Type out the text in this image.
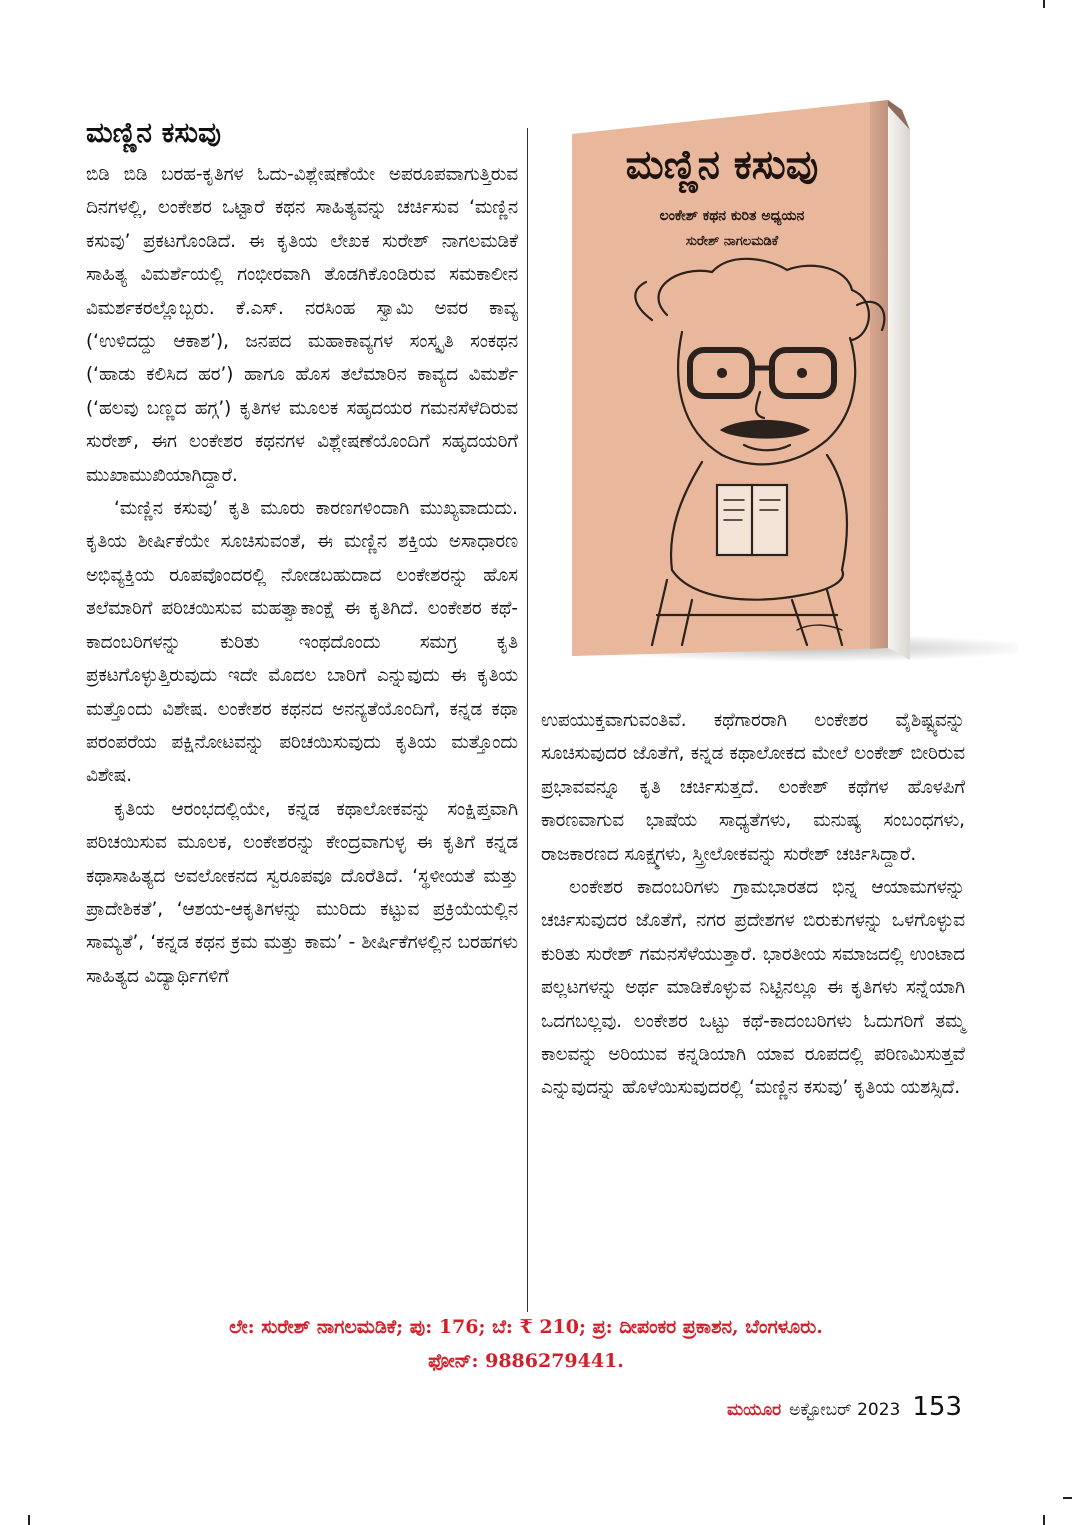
ಮಣ್ಣಿನ ಕಸುವು

ಬಿಡಿ ಬಿಡಿ ಬರಹ-ಕೃತಿಗಳ ಓದು-ವಿಶ್ಲೇಷಣೆಯೇ ಅಪರೂಪವಾಗುತ್ತಿರುವ ದಿನಗಳಲ್ಲಿ, ಲಂಕೇಶರ ಒಟ್ಟಾರೆ ಕಥನ ಸಾಹಿತ್ಯವನ್ನು ಚರ್ಚಿಸುವ ‘ಮಣ್ಣಿನ ಕಸುವು’ ಪ್ರಕಟಗೊಂಡಿದೆ. ಈ ಕೃತಿಯ ಲೇಖಕ ಸುರೇಶ್ ನಾಗಲಮಡಿಕೆ ಸಾಹಿತ್ಯ ವಿಮರ್ಶೆಯಲ್ಲಿ ಗಂಭೀರವಾಗಿ ತೊಡಗಿಕೊಂಡಿರುವ ಸಮಕಾಲೀನ ವಿಮರ್ಶಕರಲ್ಲೊಬ್ಬರು. ಕೆ.ಎಸ್. ನರಸಿಂಹ ಸ್ವಾಮಿ ಅವರ ಕಾವ್ಯ (‘ಉಳಿದದ್ದು ಆಕಾಶ’), ಜನಪದ ಮಹಾಕಾವ್ಯಗಳ ಸಂಸ್ಕೃತಿ ಸಂಕಥನ (‘ಹಾಡು ಕಲಿಸಿದ ಹರ’) ಹಾಗೂ ಹೊಸ ತಲೆಮಾರಿನ ಕಾವ್ಯದ ವಿಮರ್ಶೆ (‘ಹಲವು ಬಣ್ಣದ ಹಗ್ಗ’) ಕೃತಿಗಳ ಮೂಲಕ ಸಹೃದಯರ ಗಮನಸೆಳೆದಿರುವ ಸುರೇಶ್, ಈಗ ಲಂಕೇಶರ ಕಥನಗಳ ವಿಶ್ಲೇಷಣೆಯೊಂದಿಗೆ ಸಹೃದಯರಿಗೆ ಮುಖಾಮುಖಿಯಾಗಿದ್ದಾರೆ.

‘ಮಣ್ಣಿನ ಕಸುವು’ ಕೃತಿ ಮೂರು ಕಾರಣಗಳಿಂದಾಗಿ ಮುಖ್ಯವಾದುದು. ಕೃತಿಯ ಶೀರ್ಷಿಕೆಯೇ ಸೂಚಿಸುವಂತೆ, ಈ ಮಣ್ಣಿನ ಶಕ್ತಿಯ ಅಸಾಧಾರಣ ಅಭಿವ್ಯಕ್ತಿಯ ರೂಪವೊಂದರಲ್ಲಿ ನೋಡಬಹುದಾದ ಲಂಕೇಶರನ್ನು ಹೊಸ ತಲೆಮಾರಿಗೆ ಪರಿಚಯಿಸುವ ಮಹತ್ವಾಕಾಂಕ್ಷೆ ಈ ಕೃತಿಗಿದೆ. ಲಂಕೇಶರ ಕಥೆ-ಕಾದಂಬರಿಗಳನ್ನು ಕುರಿತು ಇಂಥದೊಂದು ಸಮಗ್ರ ಕೃತಿ ಪ್ರಕಟಗೊಳ್ಳುತ್ತಿರುವುದು ಇದೇ ಮೊದಲ ಬಾರಿಗೆ ಎನ್ನುವುದು ಈ ಕೃತಿಯ ಮತ್ತೊಂದು ವಿಶೇಷ. ಲಂಕೇಶರ ಕಥನದ ಅನನ್ಯತೆಯೊಂದಿಗೆ, ಕನ್ನಡ ಕಥಾ ಪರಂಪರೆಯ ಪಕ್ಷಿನೋಟವನ್ನು ಪರಿಚಯಿಸುವುದು ಕೃತಿಯ ಮತ್ತೊಂದು ವಿಶೇಷ.

ಕೃತಿಯ ಆರಂಭದಲ್ಲಿಯೇ, ಕನ್ನಡ ಕಥಾಲೋಕವನ್ನು ಸಂಕ್ಷಿಪ್ತವಾಗಿ ಪರಿಚಯಿಸುವ ಮೂಲಕ, ಲಂಕೇಶರನ್ನು ಕೇಂದ್ರವಾಗುಳ್ಳ ಈ ಕೃತಿಗೆ ಕನ್ನಡ ಕಥಾಸಾಹಿತ್ಯದ ಅವಲೋಕನದ ಸ್ವರೂಪವೂ ದೊರೆತಿದೆ. ‘ಸ್ಥಳೀಯತೆ ಮತ್ತು ಪ್ರಾದೇಶಿಕತೆ’, ‘ಆಶಯ-ಆಕೃತಿಗಳನ್ನು ಮುರಿದು ಕಟ್ಟುವ ಪ್ರಕ್ರಿಯೆಯಲ್ಲಿನ ಸಾಮ್ಯತೆ’, ‘ಕನ್ನಡ ಕಥನ ಕ್ರಮ ಮತ್ತು ಕಾಮ’ - ಶೀರ್ಷಿಕೆಗಳಲ್ಲಿನ ಬರಹಗಳು ಸಾಹಿತ್ಯದ ವಿದ್ಯಾರ್ಥಿಗಳಿಗೆ

ಮಣ್ಣಿನ ಕಸುವು
ಲಂಕೇಶ್ ಕಥನ ಕುರಿತ ಅಧ್ಯಯನ
ಸುರೇಶ್ ನಾಗಲಮಡಿಕೆ

ಉಪಯುಕ್ತವಾಗುವಂತಿವೆ. ಕಥೆಗಾರರಾಗಿ ಲಂಕೇಶರ ವೈಶಿಷ್ಟ್ಯವನ್ನು ಸೂಚಿಸುವುದರ ಜೊತೆಗೆ, ಕನ್ನಡ ಕಥಾಲೋಕದ ಮೇಲೆ ಲಂಕೇಶ್ ಬೀರಿರುವ ಪ್ರಭಾವವನ್ನೂ ಕೃತಿ ಚರ್ಚಿಸುತ್ತದೆ. ಲಂಕೇಶ್ ಕಥೆಗಳ ಹೊಳಪಿಗೆ ಕಾರಣವಾಗುವ ಭಾಷೆಯ ಸಾಧ್ಯತೆಗಳು, ಮನುಷ್ಯ ಸಂಬಂಧಗಳು, ರಾಜಕಾರಣದ ಸೂಕ್ಷ್ಮಗಳು, ಸ್ತ್ರೀಲೋಕವನ್ನು ಸುರೇಶ್ ಚರ್ಚಿಸಿದ್ದಾರೆ.

ಲಂಕೇಶರ ಕಾದಂಬರಿಗಳು ಗ್ರಾಮಭಾರತದ ಭಿನ್ನ ಆಯಾಮಗಳನ್ನು ಚರ್ಚಿಸುವುದರ ಜೊತೆಗೆ, ನಗರ ಪ್ರದೇಶಗಳ ಬಿರುಕುಗಳನ್ನು ಒಳಗೊಳ್ಳುವ ಕುರಿತು ಸುರೇಶ್ ಗಮನಸೆಳೆಯುತ್ತಾರೆ. ಭಾರತೀಯ ಸಮಾಜದಲ್ಲಿ ಉಂಟಾದ ಪಲ್ಲಟಗಳನ್ನು ಅರ್ಥ ಮಾಡಿಕೊಳ್ಳುವ ನಿಟ್ಟಿನಲ್ಲೂ ಈ ಕೃತಿಗಳು ಸನ್ನೆಯಾಗಿ ಒದಗಬಲ್ಲವು. ಲಂಕೇಶರ ಒಟ್ಟು ಕಥೆ-ಕಾದಂಬರಿಗಳು ಓದುಗರಿಗೆ ತಮ್ಮ ಕಾಲವನ್ನು ಅರಿಯುವ ಕನ್ನಡಿಯಾಗಿ ಯಾವ ರೂಪದಲ್ಲಿ ಪರಿಣಮಿಸುತ್ತವೆ ಎನ್ನುವುದನ್ನು ಹೊಳೆಯಿಸುವುದರಲ್ಲಿ ‘ಮಣ್ಣಿನ ಕಸುವು’ ಕೃತಿಯ ಯಶಸ್ಸಿದೆ.

ಲೇ: ಸುರೇಶ್ ನಾಗಲಮಡಿಕೆ; ಪು: 176; ಬೆ: ₹ 210; ಪ್ರ: ದೀಪಂಕರ ಪ್ರಕಾಶನ, ಬೆಂಗಳೂರು.
ಫೋನ್: 9886279441.
ಮಯೂರ ಅಕ್ಟೋಬರ್ 2023 153
